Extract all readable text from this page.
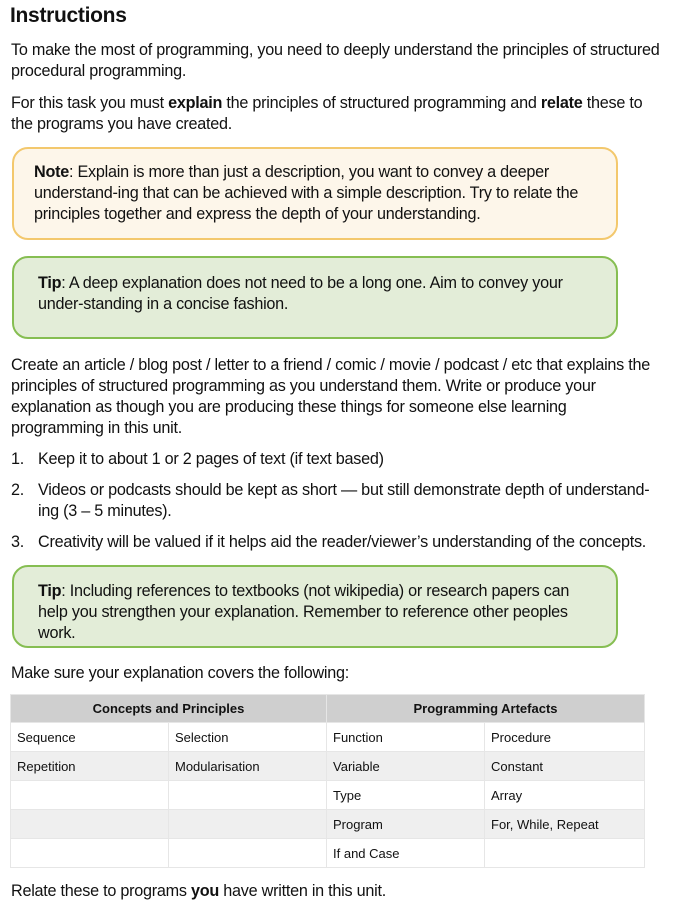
Instructions

To make the most of programming, you need to deeply understand the principles of structured procedural programming.

For this task you must explain the principles of structured programming and relate these to the programs you have created.

Note: Explain is more than just a description, you want to convey a deeper understand-ing that can be achieved with a simple description. Try to relate the principles together and express the depth of your understanding.
Tip: A deep explanation does not need to be a long one. Aim to convey your under-standing in a concise fashion.

Create an article / blog post / letter to a friend / comic / movie / podcast / etc that explains the principles of structured programming as you understand them. Write or produce your explanation as though you are producing these things for someone else learning programming in this unit.

1. Keep it to about 1 or 2 pages of text (if text based)
2. Videos or podcasts should be kept as short — but still demonstrate depth of understand-ing (3 – 5 minutes).
3. Creativity will be valued if it helps aid the reader/viewer’s understanding of the concepts.
Tip: Including references to textbooks (not wikipedia) or research papers can help you strengthen your explanation. Remember to reference other peoples work.

Make sure your explanation covers the following:

Concepts and Principles		Programming Artefacts	
Sequence	Selection	Function	Procedure
Repetition	Modularisation	Variable	Constant
		Type	Array
		Program	For, While, Repeat
		If and Case	

Relate these to programs you have written in this unit.
